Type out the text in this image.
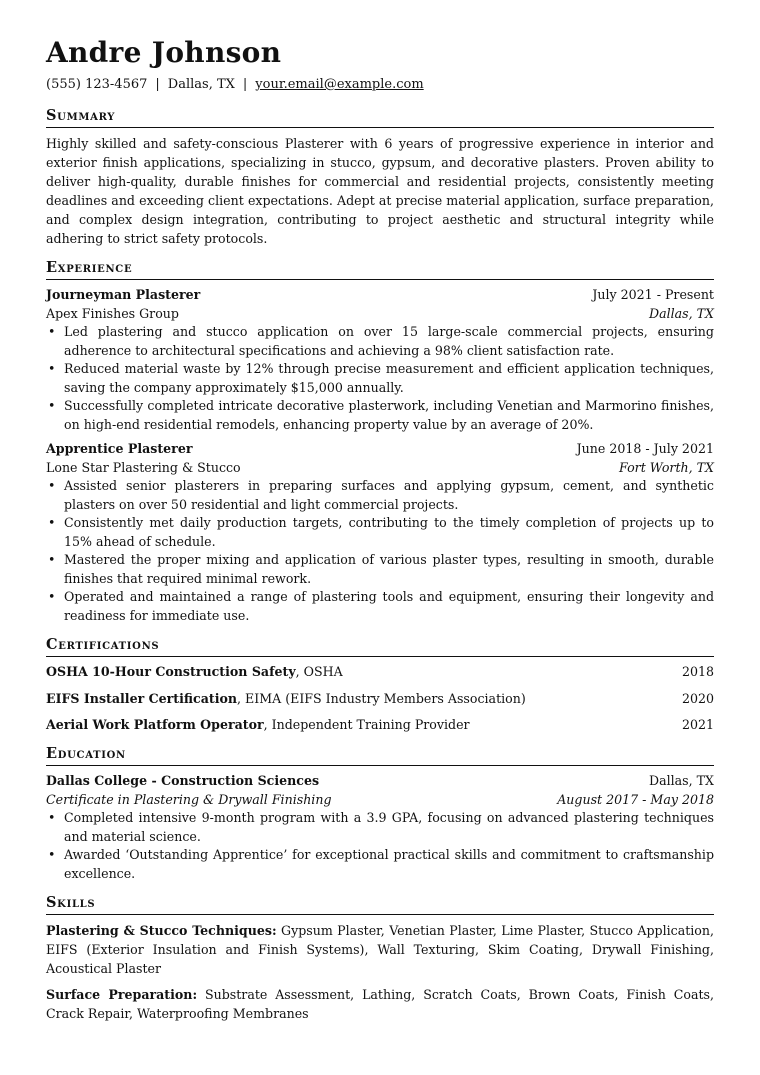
Andre Johnson
(555) 123-4567 | Dallas, TX | your.email@example.com
Summary

Highly skilled and safety-conscious Plasterer with 6 years of progressive experience in interior and exterior finish applications, specializing in stucco, gypsum, and decorative plasters. Proven ability to deliver high-quality, durable finishes for commercial and residential projects, consistently meeting deadlines and exceeding client expectations. Adept at precise material application, surface preparation, and complex design integration, contributing to project aesthetic and structural integrity while adhering to strict safety protocols.

Experience
Journeyman Plasterer	July 2021 - Present
Apex Finishes Group	Dallas, TX
• Led plastering and stucco application on over 15 large-scale commercial projects, ensuring adherence to architectural specifications and achieving a 98% client satisfaction rate.
• Reduced material waste by 12% through precise measurement and efficient application techniques, saving the company approximately $15,000 annually.
• Successfully completed intricate decorative plasterwork, including Venetian and Marmorino finishes, on high-end residential remodels, enhancing property value by an average of 20%.
Apprentice Plasterer	June 2018 - July 2021
Lone Star Plastering & Stucco	Fort Worth, TX
• Assisted senior plasterers in preparing surfaces and applying gypsum, cement, and synthetic plasters on over 50 residential and light commercial projects.
• Consistently met daily production targets, contributing to the timely completion of projects up to 15% ahead of schedule.
• Mastered the proper mixing and application of various plaster types, resulting in smooth, durable finishes that required minimal rework.
• Operated and maintained a range of plastering tools and equipment, ensuring their longevity and readiness for immediate use.
Certifications
OSHA 10-Hour Construction Safety, OSHA	2018
EIFS Installer Certification, EIMA (EIFS Industry Members Association)	2020
Aerial Work Platform Operator, Independent Training Provider	2021
Education
Dallas College - Construction Sciences	Dallas, TX
Certificate in Plastering & Drywall Finishing	August 2017 - May 2018
• Completed intensive 9-month program with a 3.9 GPA, focusing on advanced plastering techniques and material science.
• Awarded ‘Outstanding Apprentice’ for exceptional practical skills and commitment to craftsmanship excellence.
Skills

Plastering & Stucco Techniques: Gypsum Plaster, Venetian Plaster, Lime Plaster, Stucco Application, EIFS (Exterior Insulation and Finish Systems), Wall Texturing, Skim Coating, Drywall Finishing, Acoustical Plaster

Surface Preparation: Substrate Assessment, Lathing, Scratch Coats, Brown Coats, Finish Coats, Crack Repair, Waterproofing Membranes
